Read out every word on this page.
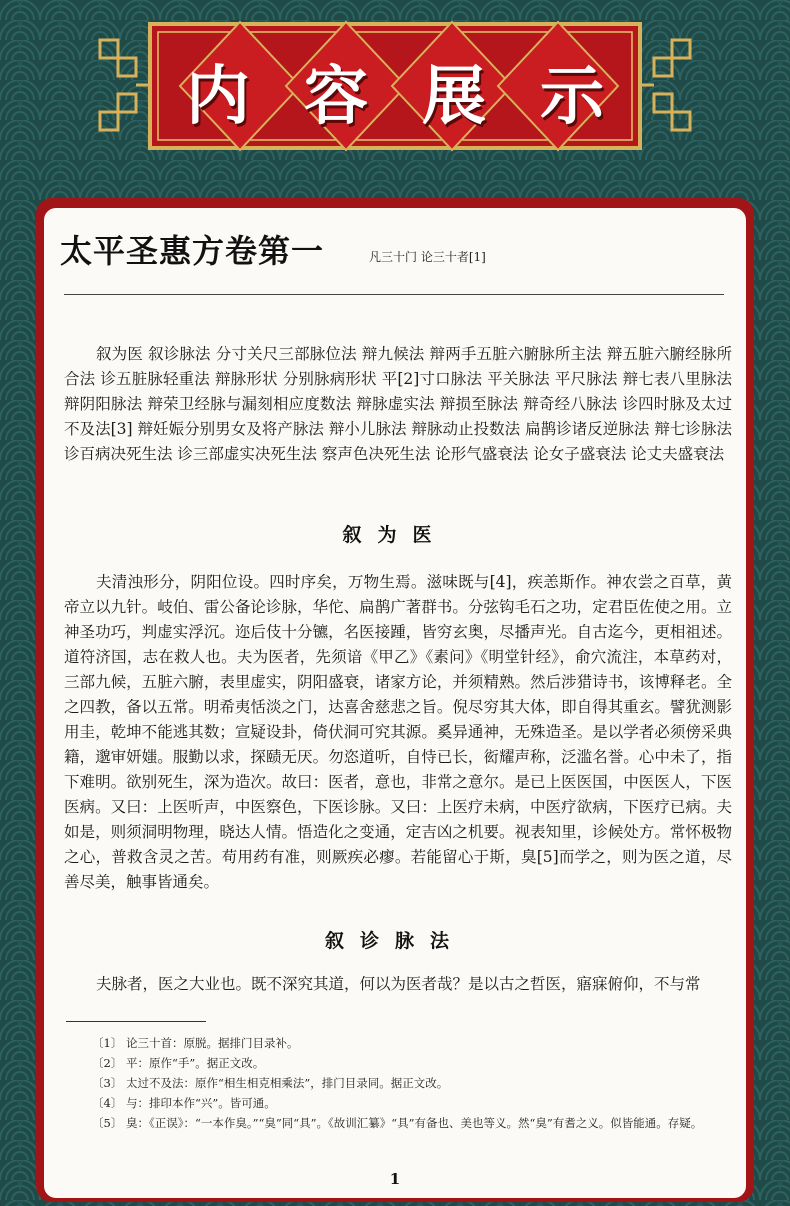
内 容 展 示
太平圣惠方卷第一	凡三十门 论三十者[1]

叙为医 叙诊脉法 分寸关尺三部脉位法 辩九候法 辩两手五脏六腑脉所主法 辩五脏六腑经脉所合法 诊五脏脉轻重法 辩脉形状 分别脉病形状 平[2]寸口脉法 平关脉法 平尺脉法 辩七表八里脉法 辩阴阳脉法 辩荣卫经脉与漏刻相应度数法 辩脉虚实法 辩损至脉法 辩奇经八脉法 诊四时脉及太过不及法[3] 辩妊娠分别男女及将产脉法 辩小儿脉法 辩脉动止投数法 扁鹊诊诸反逆脉法 辩七诊脉法 诊百病决死生法 诊三部虚实决死生法 察声色决死生法 论形气盛衰法 论女子盛衰法 论丈夫盛衰法

叙为医

夫清浊形分，阴阳位设。四时序矣，万物生焉。滋味既与[4]，疾恙斯作。神农尝之百草，黄帝立以九针。岐伯、雷公备论诊脉，华佗、扁鹊广著群书。分弦钩毛石之功，定君臣佐使之用。立神圣功巧，判虚实浮沉。迩后伎十分镳，名医接踵，皆穷玄奥，尽播声光。自古迄今，更相祖述。道符济国，志在救人也。夫为医者，先须谙《甲乙》《素问》《明堂针经》，俞穴流注，本草药对，三部九候，五脏六腑，表里虚实，阴阳盛衰，诸家方论，并须精熟。然后涉猎诗书，该博释老。全之四教，备以五常。明希夷恬淡之门，达喜舍慈悲之旨。倪尽穷其大体，即自得其重玄。譬犹测影用圭，乾坤不能逃其数；宣疑设卦，倚伏洞可究其源。奚异通神，无殊造圣。是以学者必须傍采典籍，邈审妍媸。服勤以求，探赜无厌。勿恣道听，自恃已长，衒耀声称，泛滥名誉。心中未了，指下难明。欲别死生，深为造次。故曰：医者，意也，非常之意尔。是已上医医国，中医医人，下医医病。又曰：上医听声，中医察色，下医诊脉。又曰：上医疗未病，中医疗欲病，下医疗已病。夫如是，则须洞明物理，晓达人情。悟造化之变通，定吉凶之机要。视表知里，诊候处方。常怀极物之心，普救含灵之苦。苟用药有准，则厥疾必瘳。若能留心于斯，臭[5]而学之，则为医之道，尽善尽美，触事皆通矣。

叙诊脉法

夫脉者，医之大业也。既不深究其道，何以为医者哉？是以古之哲医，寤寐俯仰，不与常

〔1〕 论三十首：原脱。据排门目录补。

〔2〕 平：原作“手”。据正文改。

〔3〕 太过不及法：原作“相生相克相乘法”，排门目录同。据正文改。

〔4〕 与：排印本作“兴”。皆可通。

〔5〕 臭：《正误》：“一本作臭。”“臭”同“具”。《故训汇纂》“具”有备也、美也等义。然“臭”有耆之义。似皆能通。存疑。

1
